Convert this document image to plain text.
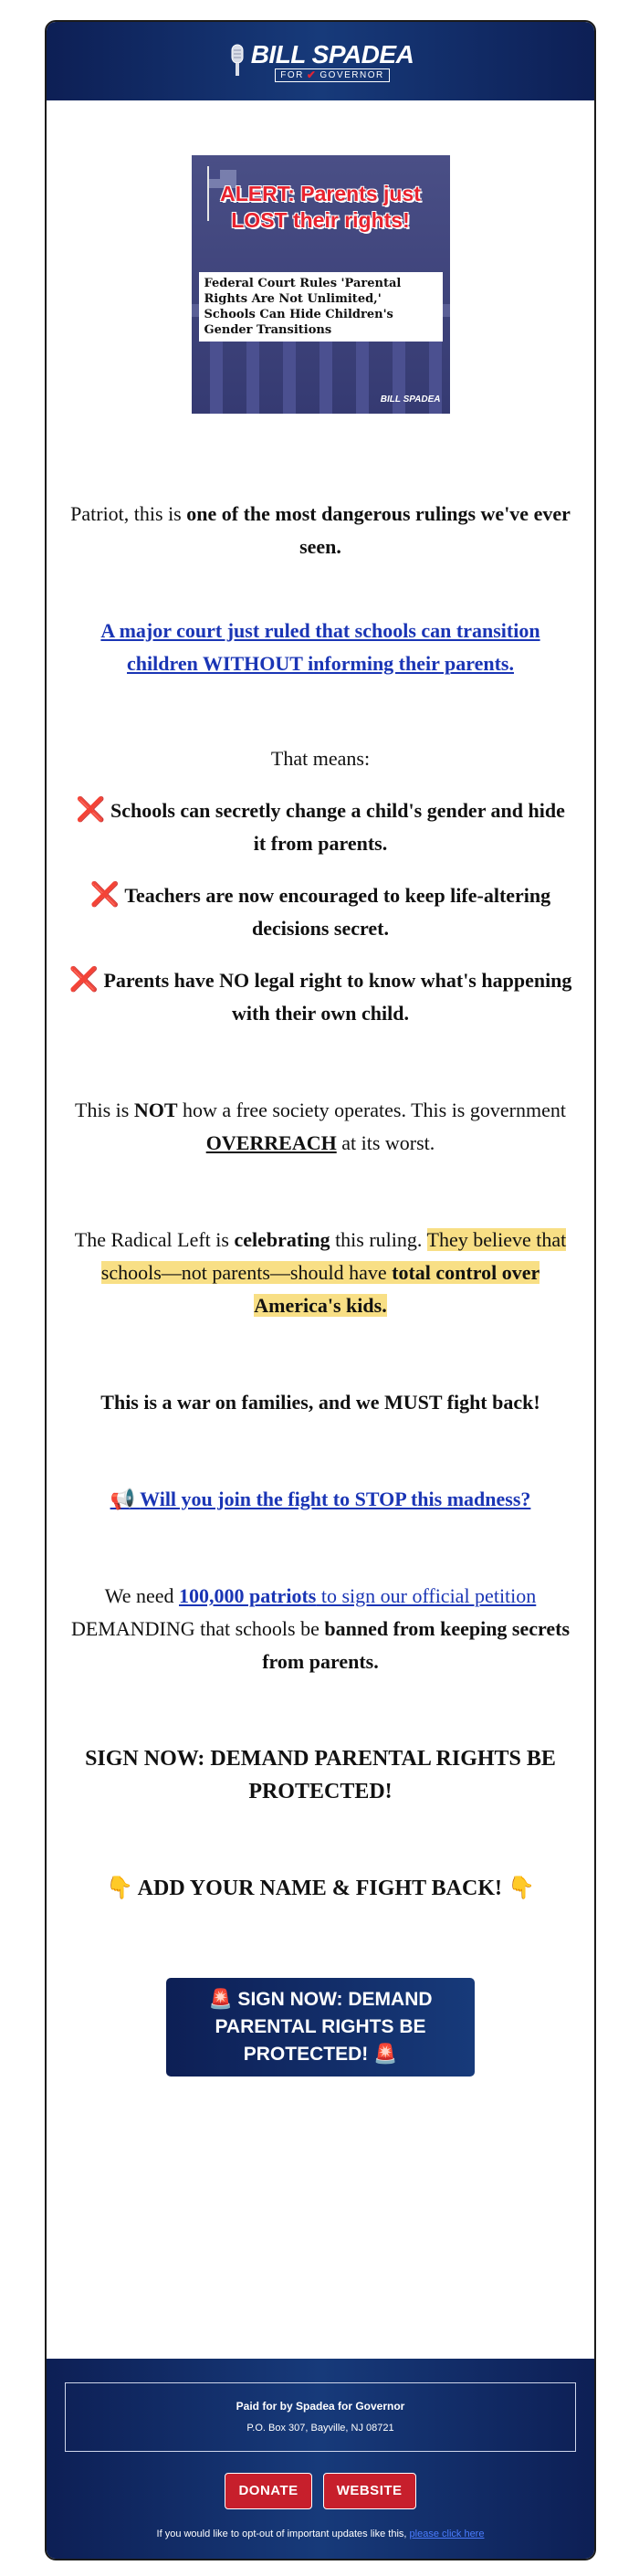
BILL SPADEA
FOR ✔ GOVERNOR
ALERT: Parents just
LOST their rights!
Federal Court Rules 'Parental Rights Are Not Unlimited,' Schools Can Hide Children's Gender Transitions
BILL SPADEA

Patriot, this is one of the most dangerous rulings we've ever seen.

A major court just ruled that schools can transition children WITHOUT informing their parents.

That means:

❌ Schools can secretly change a child's gender and hide it from parents.

❌ Teachers are now encouraged to keep life-altering decisions secret.

❌ Parents have NO legal right to know what's happening with their own child.

This is NOT how a free society operates. This is government OVERREACH at its worst.

The Radical Left is celebrating this ruling. They believe that schools—not parents—should have total control over America's kids.

This is a war on families, and we MUST fight back!

📢 Will you join the fight to STOP this madness?

We need 100,000 patriots to sign our official petition DEMANDING that schools be banned from keeping secrets from parents.

SIGN NOW: DEMAND PARENTAL RIGHTS BE PROTECTED!

👇 ADD YOUR NAME & FIGHT BACK! 👇

🚨 SIGN NOW: DEMAND PARENTAL RIGHTS BE PROTECTED! 🚨
Paid for by Spadea for Governor
P.O. Box 307, Bayville, NJ 08721
DONATE	WEBSITE
If you would like to opt-out of important updates like this, please click here
